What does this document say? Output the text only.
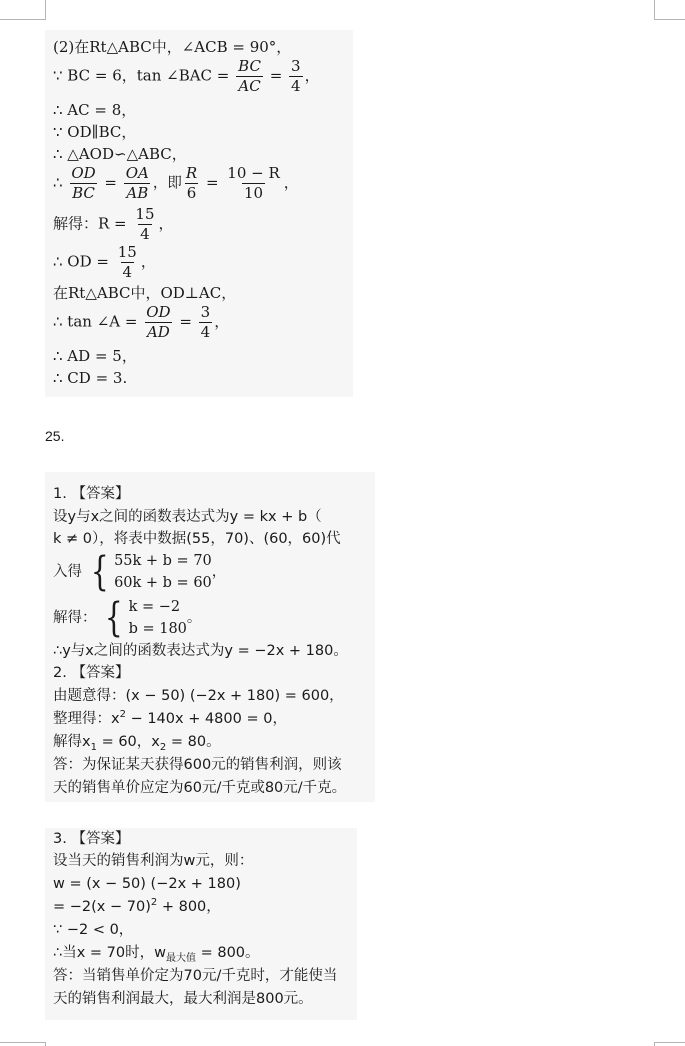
(2)在Rt△ABC中，∠ACB = 90°，
∵ BC = 6，tan ∠BAC = $\frac{BC}{AC} = \frac{3}{4}$ ，
∴ AC = 8，
∵ OD∥BC，
∴ △AOD∽△ABC，
∴ $\frac{OD}{BC} = \frac{OA}{AB}$ ，即 $\frac{R}{6} = \frac{10 - R}{10}$ ，
解得：$R = \frac{15}{4}$ ，
∴ OD = $\frac{15}{4}$ ，
在Rt△ABC中，OD⊥AC，
∴ tan ∠A = $\frac{OD}{AD} = \frac{3}{4}$ ，
∴ AD = 5，
∴ CD = 3.
25.
1. 【答案】
设y与x之间的函数表达式为y = kx + b（
k ≠ 0），将表中数据(55，70)、(60，60)代
入得 { 55k + b = 70
60k + b = 60
，
解得： { k = −2
b = 180
。
∴y与x之间的函数表达式为y = −2x + 180。
2. 【答案】
由题意得：(x − 50) (−2x + 180) = 600，
整理得：$x^2 - 140x + 4800 = 0$，
解得$x_1 = 60$，$x_2 = 80$。
答：为保证某天获得600元的销售利润，则该
天的销售单价应定为60元/千克或80元/千克。
3. 【答案】
设当天的销售利润为w元，则：
w = (x − 50) (−2x + 180)
= $-2(x - 70)^2 + 800$，
∵ −2 < 0，
∴当x = 70时，$w_{最大值} = 800$。
答：当销售单价定为70元/千克时，才能使当
天的销售利润最大，最大利润是800元。
